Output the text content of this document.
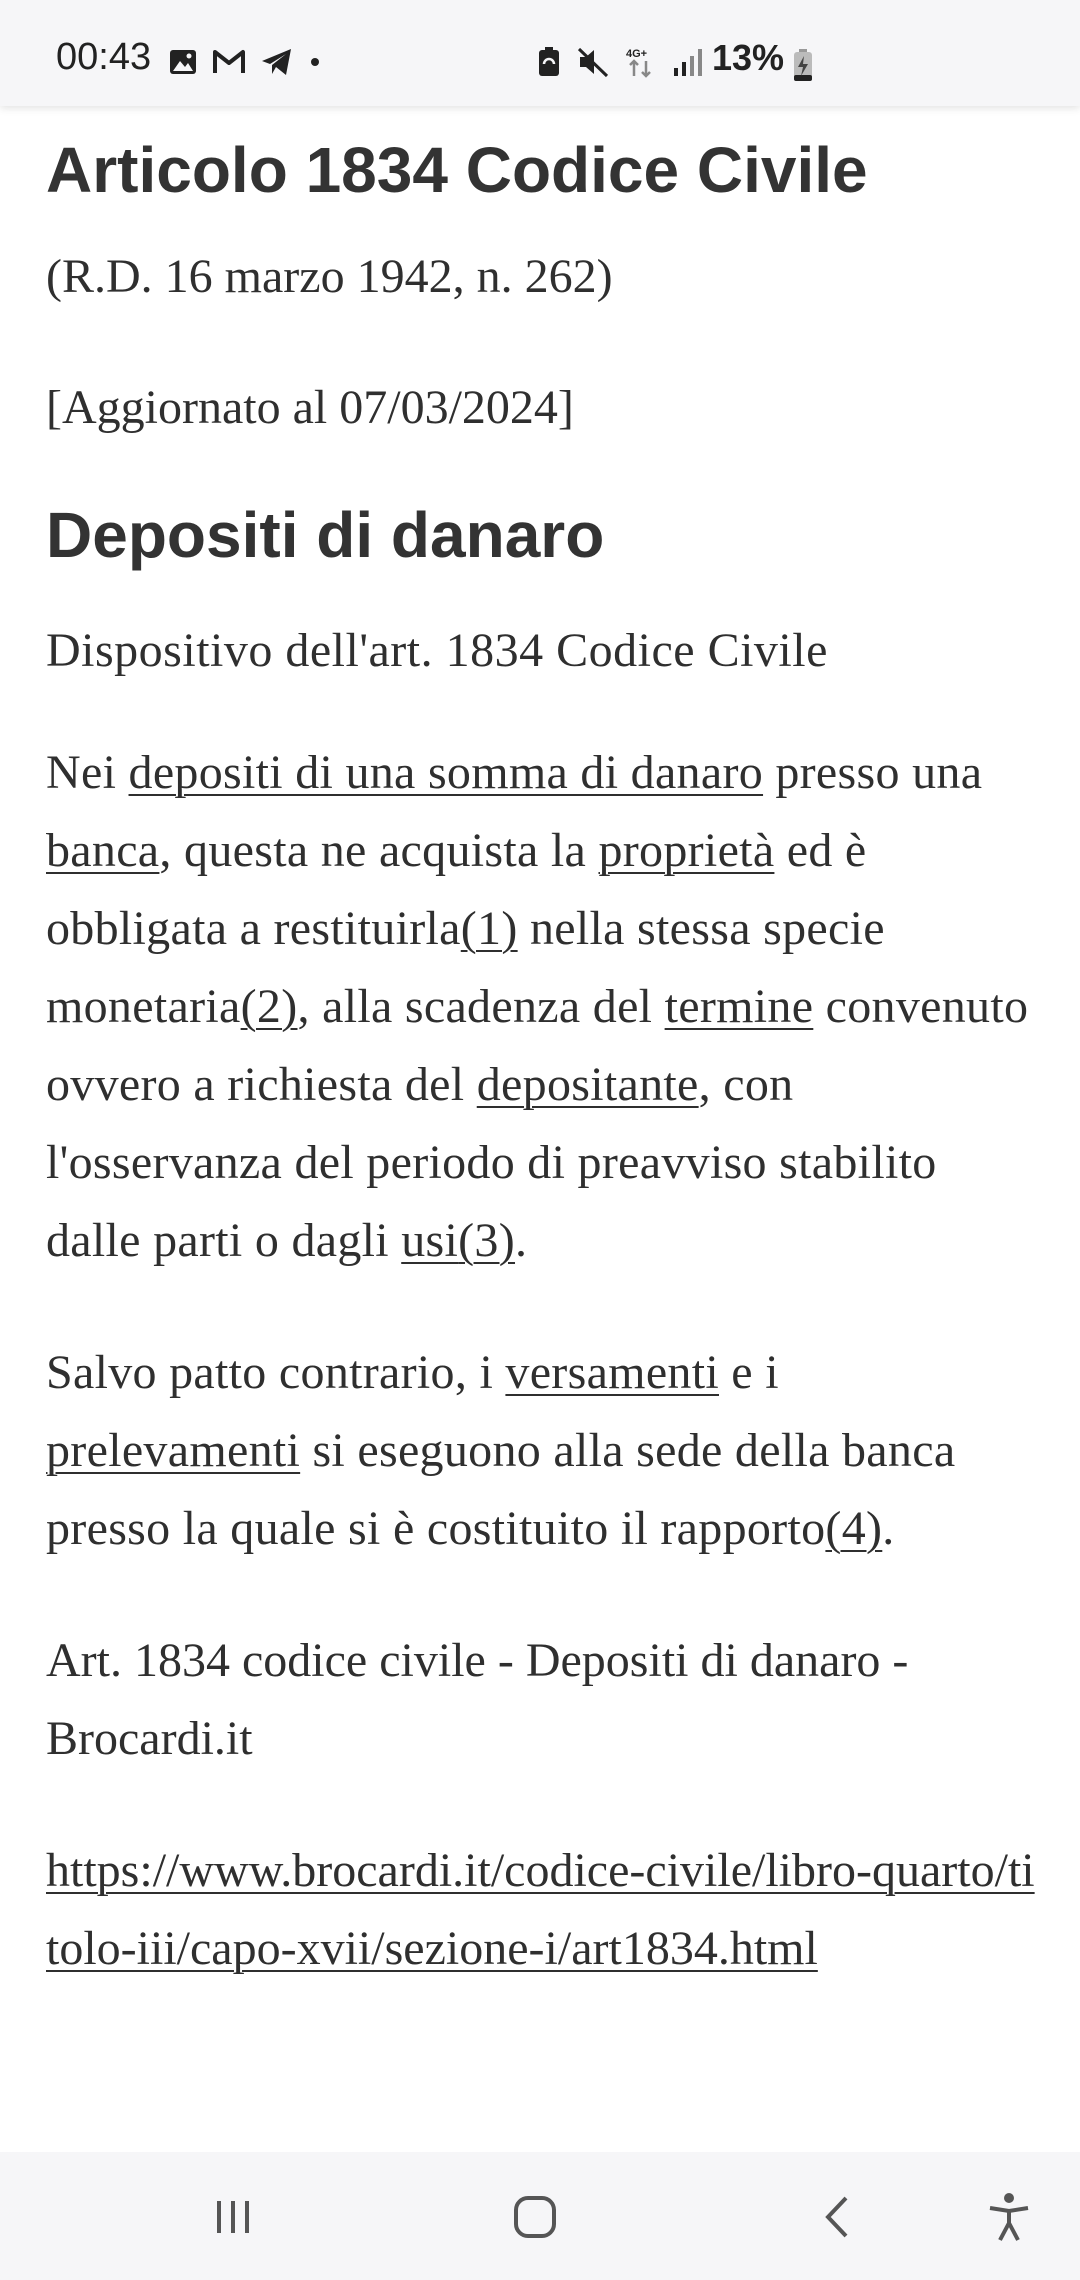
00:43	4G+ 13%
Articolo 1834 Codice Civile

(R.D. 16 marzo 1942, n. 262)

[Aggiornato al 07/03/2024]

Depositi di danaro

Dispositivo dell'art. 1834 Codice Civile

Nei depositi di una somma di danaro presso una banca, questa ne acquista la proprietà ed è obbligata a restituirla(1) nella stessa specie monetaria(2), alla scadenza del termine convenuto ovvero a richiesta del depositante, con l'osservanza del periodo di preavviso stabilito dalle parti o dagli usi(3).

Salvo patto contrario, i versamenti e i prelevamenti si eseguono alla sede della banca presso la quale si è costituito il rapporto(4).

Art. 1834 codice civile - Depositi di danaro - Brocardi.it

https://www.brocardi.it/codice-civile/libro-quarto/titolo-iii/capo-xvii/sezione-i/art1834.html
